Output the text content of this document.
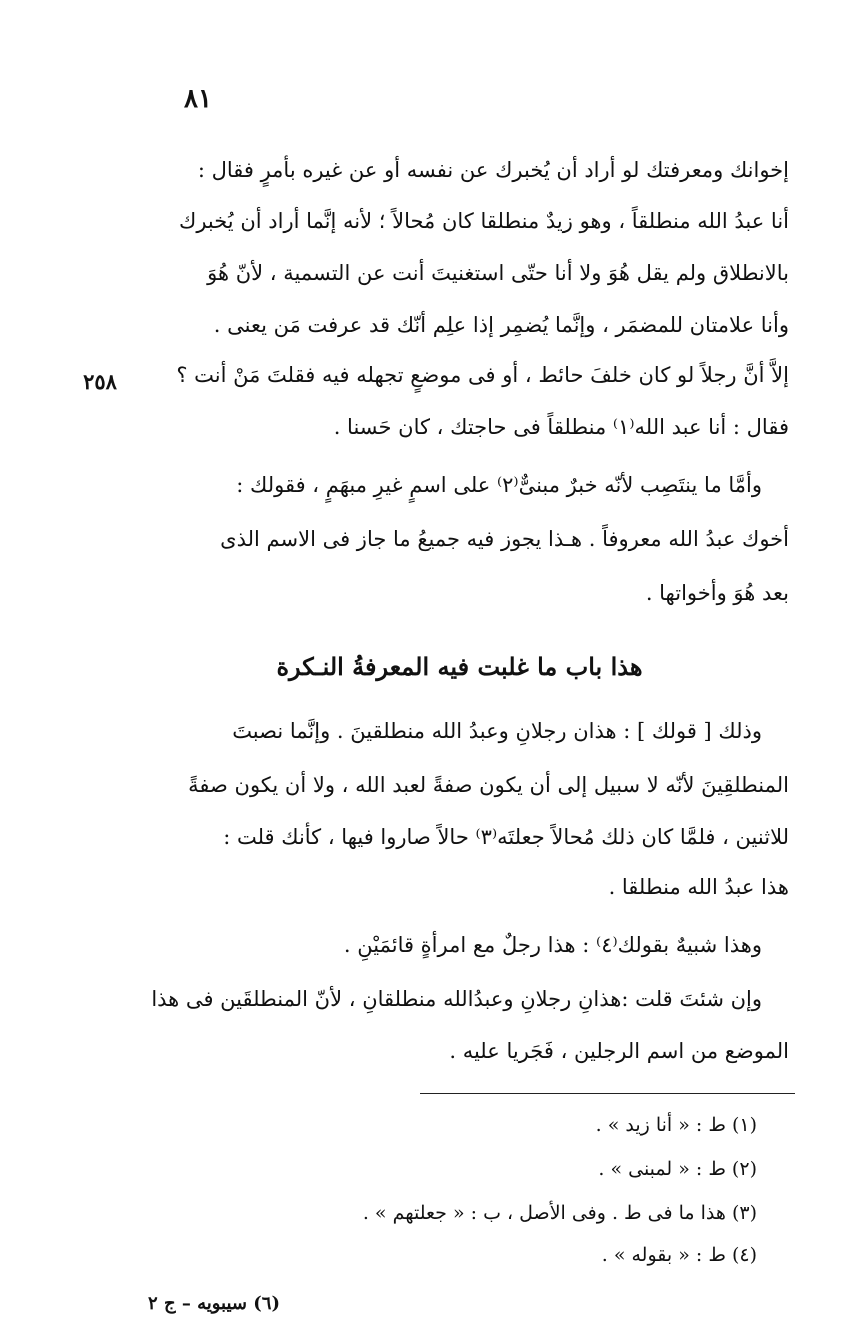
٨١
٢٥٨
إخوانك ومعرفتك لو أراد أن يُخبرك عن نفسه أو عن غيره بأمرٍ فقال :
أنا عبدُ الله منطلقاً ، وهو زيدٌ منطلقا كان مُحالاً ؛ لأنه إنَّما أراد أن يُخبرك
بالانطلاق ولم يقل هُوَ ولا أنا حتّى استغنيتَ أنت عن التسمية ، لأنّ هُوَ
وأنا علامتان للمضمَر ، وإنَّما يُضمِر إذا علِم أنّك قد عرفت مَن يعنى .
إلاَّ أنَّ رجلاً لو كان خلفَ حائط ، أو فى موضعٍ تجهله فيه فقلتَ مَنْ أنت ؟
فقال : أنا عبد الله⁽١⁾ منطلقاً فى حاجتك ، كان حَسنا .
وأمَّا ما ينتَصِب لأنّه خبرٌ مبنىٌّ⁽٢⁾ على اسمٍ غيرِ مبهَمٍ ، فقولك :
أخوك عبدُ الله معروفاً . هـذا يجوز فيه جميعُ ما جاز فى الاسم الذى
بعد هُوَ وأخواتها .
هذا باب ما غلبت فيه المعرفةُ النـكرة
وذلك [ قولك ] : هذان رجلانِ وعبدُ الله منطلقينَ . وإنَّما نصبتَ
المنطلقِينَ لأنّه لا سبيل إلى أن يكون صفةً لعبد الله ، ولا أن يكون صفةً
للاثنين ، فلمَّا كان ذلك مُحالاً جعلتَه⁽٣⁾ حالاً صاروا فيها ، كأنك قلت :
هذا عبدُ الله منطلقا .
وهذا شبيهٌ بقولك⁽٤⁾ : هذا رجلٌ مع امرأةٍ قائمَيْنِ .
وإن شئتَ قلت :هذانِ رجلانِ وعبدُالله منطلقانِ ، لأنّ المنطلقَين فى هذا
الموضع من اسم الرجلين ، فَجَريا عليه .
(١) ط : « أنا زيد » .
(٢) ط : « لمبنى » .
(٣) هذا ما فى ط . وفى الأصل ، ب : « جعلتهم » .
(٤) ط : « بقوله » .
(٦) سيبويه – ج ٢
